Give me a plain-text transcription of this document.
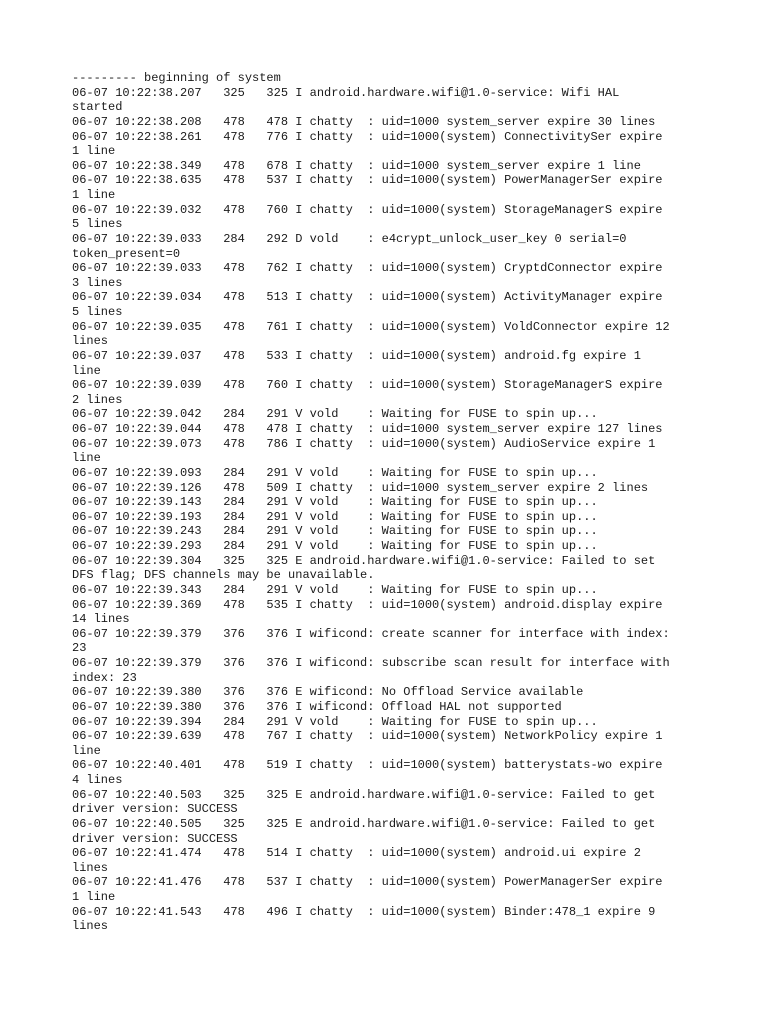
--------- beginning of system
06-07 10:22:38.207   325   325 I android.hardware.wifi@1.0-service: Wifi HAL
started
06-07 10:22:38.208   478   478 I chatty  : uid=1000 system_server expire 30 lines
06-07 10:22:38.261   478   776 I chatty  : uid=1000(system) ConnectivitySer expire
1 line
06-07 10:22:38.349   478   678 I chatty  : uid=1000 system_server expire 1 line
06-07 10:22:38.635   478   537 I chatty  : uid=1000(system) PowerManagerSer expire
1 line
06-07 10:22:39.032   478   760 I chatty  : uid=1000(system) StorageManagerS expire
5 lines
06-07 10:22:39.033   284   292 D vold    : e4crypt_unlock_user_key 0 serial=0
token_present=0
06-07 10:22:39.033   478   762 I chatty  : uid=1000(system) CryptdConnector expire
3 lines
06-07 10:22:39.034   478   513 I chatty  : uid=1000(system) ActivityManager expire
5 lines
06-07 10:22:39.035   478   761 I chatty  : uid=1000(system) VoldConnector expire 12
lines
06-07 10:22:39.037   478   533 I chatty  : uid=1000(system) android.fg expire 1
line
06-07 10:22:39.039   478   760 I chatty  : uid=1000(system) StorageManagerS expire
2 lines
06-07 10:22:39.042   284   291 V vold    : Waiting for FUSE to spin up...
06-07 10:22:39.044   478   478 I chatty  : uid=1000 system_server expire 127 lines
06-07 10:22:39.073   478   786 I chatty  : uid=1000(system) AudioService expire 1
line
06-07 10:22:39.093   284   291 V vold    : Waiting for FUSE to spin up...
06-07 10:22:39.126   478   509 I chatty  : uid=1000 system_server expire 2 lines
06-07 10:22:39.143   284   291 V vold    : Waiting for FUSE to spin up...
06-07 10:22:39.193   284   291 V vold    : Waiting for FUSE to spin up...
06-07 10:22:39.243   284   291 V vold    : Waiting for FUSE to spin up...
06-07 10:22:39.293   284   291 V vold    : Waiting for FUSE to spin up...
06-07 10:22:39.304   325   325 E android.hardware.wifi@1.0-service: Failed to set
DFS flag; DFS channels may be unavailable.
06-07 10:22:39.343   284   291 V vold    : Waiting for FUSE to spin up...
06-07 10:22:39.369   478   535 I chatty  : uid=1000(system) android.display expire
14 lines
06-07 10:22:39.379   376   376 I wificond: create scanner for interface with index:
23
06-07 10:22:39.379   376   376 I wificond: subscribe scan result for interface with
index: 23
06-07 10:22:39.380   376   376 E wificond: No Offload Service available
06-07 10:22:39.380   376   376 I wificond: Offload HAL not supported
06-07 10:22:39.394   284   291 V vold    : Waiting for FUSE to spin up...
06-07 10:22:39.639   478   767 I chatty  : uid=1000(system) NetworkPolicy expire 1
line
06-07 10:22:40.401   478   519 I chatty  : uid=1000(system) batterystats-wo expire
4 lines
06-07 10:22:40.503   325   325 E android.hardware.wifi@1.0-service: Failed to get
driver version: SUCCESS
06-07 10:22:40.505   325   325 E android.hardware.wifi@1.0-service: Failed to get
driver version: SUCCESS
06-07 10:22:41.474   478   514 I chatty  : uid=1000(system) android.ui expire 2
lines
06-07 10:22:41.476   478   537 I chatty  : uid=1000(system) PowerManagerSer expire
1 line
06-07 10:22:41.543   478   496 I chatty  : uid=1000(system) Binder:478_1 expire 9
lines
